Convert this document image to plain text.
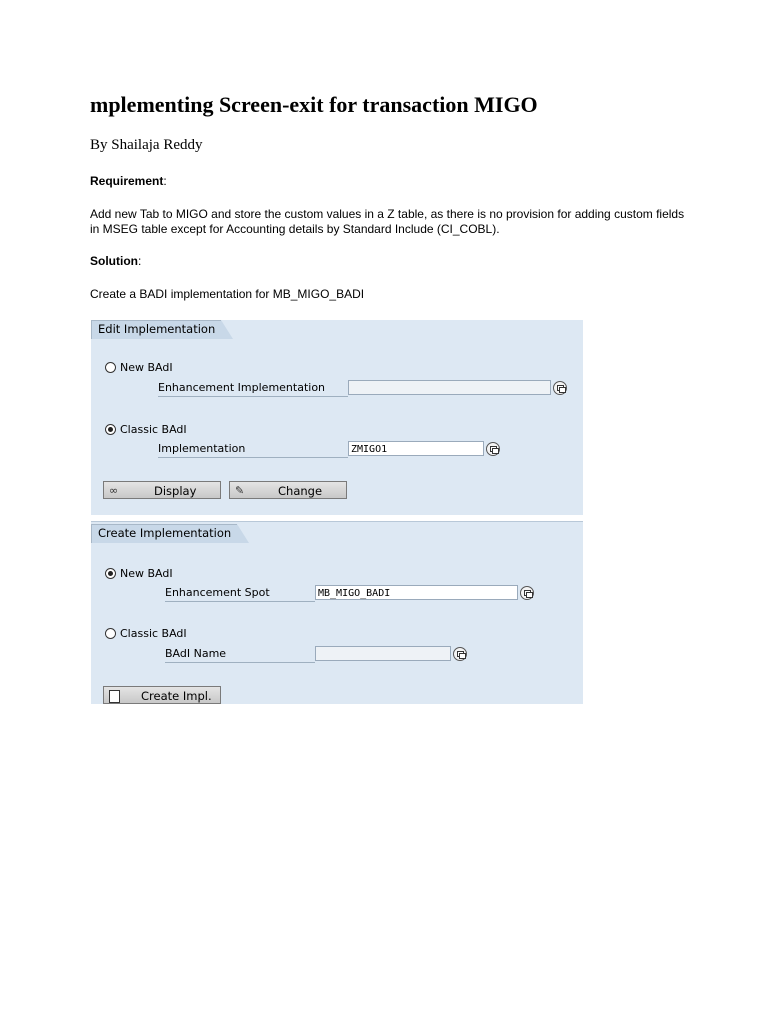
mplementing Screen-exit for transaction MIGO
By Shailaja Reddy
Requirement:
Add new Tab to MIGO and store the custom values in a Z table, as there is no provision for adding custom fields in MSEG table except for Accounting details by Standard Include (CI_COBL).
Solution:
Create a BADI implementation for MB_MIGO_BADI
Edit Implementation
New BAdI
Enhancement Implementation
Classic BAdI
Implementation	ZMIGO1
∞	Display	✎	Change
Create Implementation
New BAdI
Enhancement Spot	MB_MIGO_BADI
Classic BAdI
BAdI Name
Create Impl.
